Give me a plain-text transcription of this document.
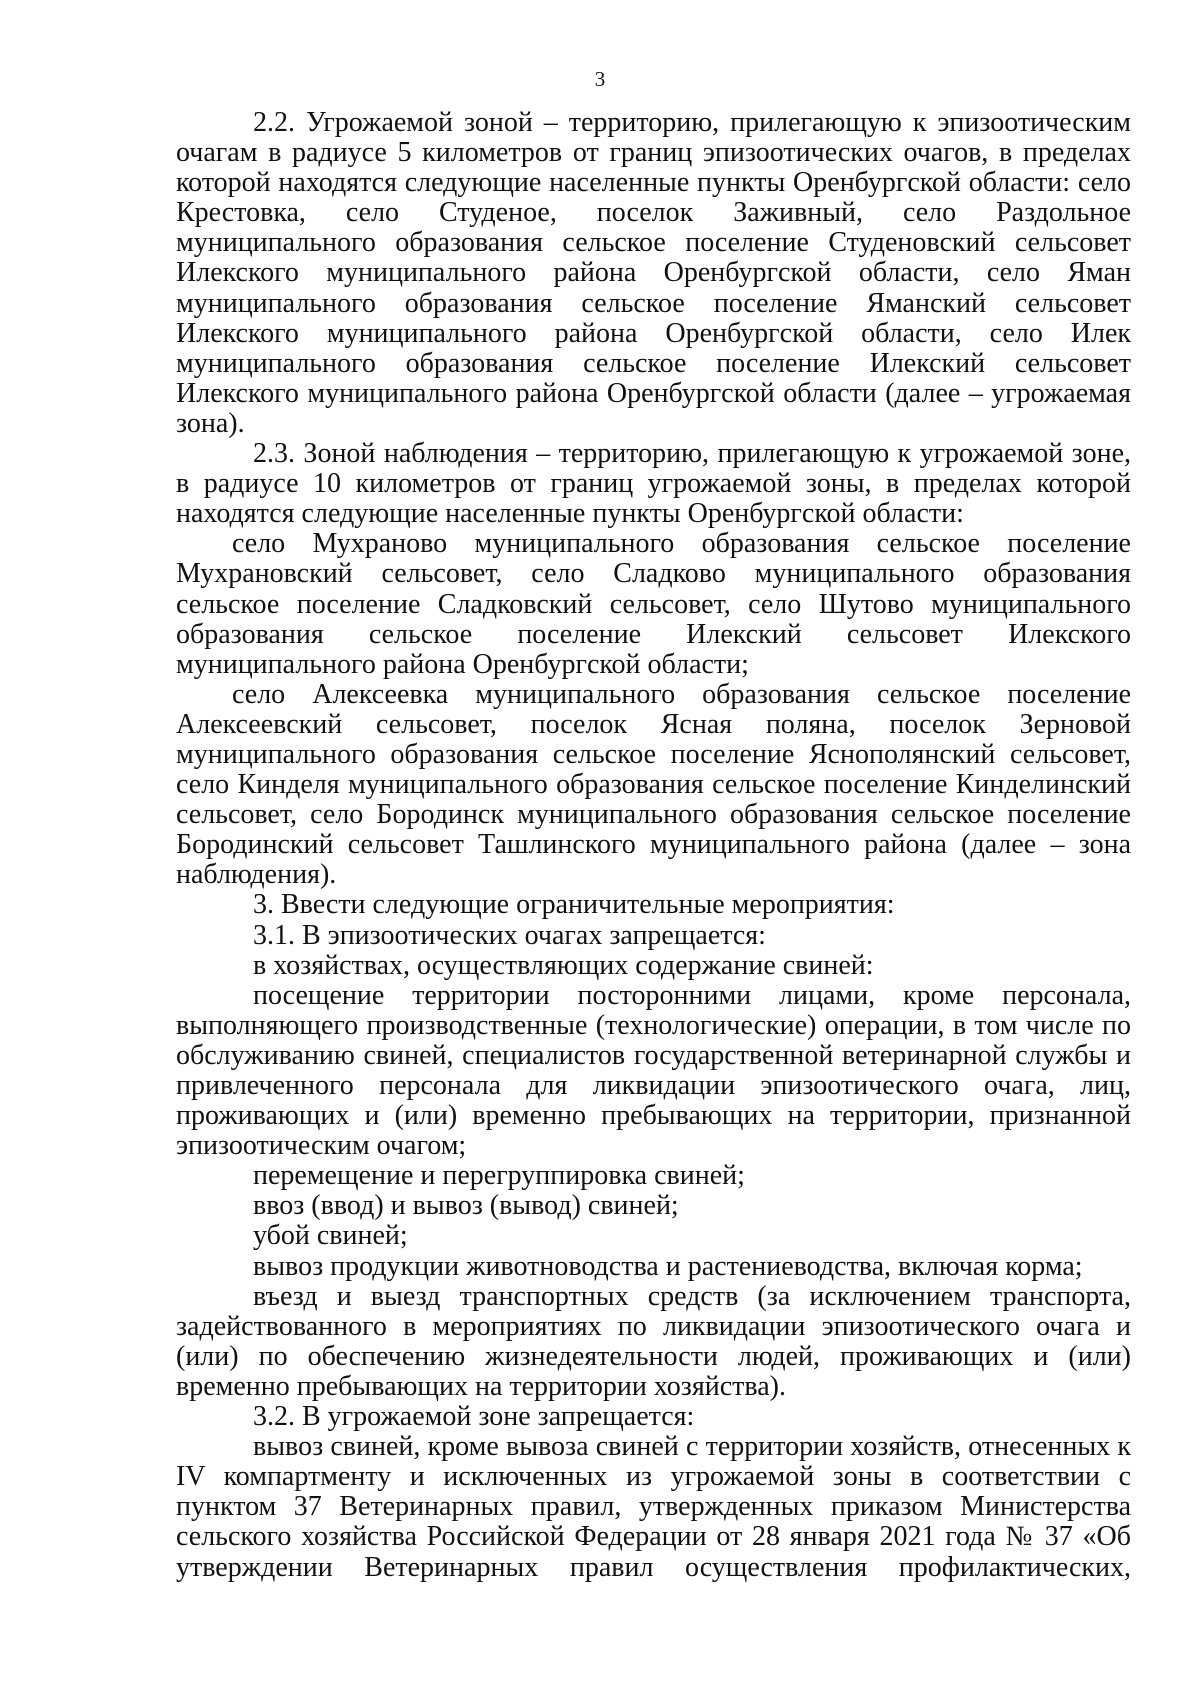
3

2.2. Угрожаемой зоной – территорию, прилегающую к эпизоотическим очагам в радиусе 5 километров от границ эпизоотических очагов, в пределах которой находятся следующие населенные пункты Оренбургской области: село Крестовка, село Студеное, поселок Заживный, село Раздольное муниципального образования сельское поселение Студеновский сельсовет Илекского муниципального района Оренбургской области, село Яман муниципального образования сельское поселение Яманский сельсовет Илекского муниципального района Оренбургской области, село Илек муниципального образования сельское поселение Илекский сельсовет Илекского муниципального района Оренбургской области (далее – угрожаемая зона).

2.3. Зоной наблюдения – территорию, прилегающую к угрожаемой зоне, в радиусе 10 километров от границ угрожаемой зоны, в пределах которой находятся следующие населенные пункты Оренбургской области:

село Мухраново муниципального образования сельское поселение Мухрановский сельсовет, село Сладково муниципального образования сельское поселение Сладковский сельсовет, село Шутово муниципального образования сельское поселение Илекский сельсовет Илекского муниципального района Оренбургской области;

село Алексеевка муниципального образования сельское поселение Алексеевский сельсовет, поселок Ясная поляна, поселок Зерновой муниципального образования сельское поселение Яснополянский сельсовет, село Кинделя муниципального образования сельское поселение Кинделинский сельсовет, село Бородинск муниципального образования сельское поселение Бородинский сельсовет Ташлинского муниципального района (далее – зона наблюдения).

3. Ввести следующие ограничительные мероприятия:

3.1. В эпизоотических очагах запрещается:

в хозяйствах, осуществляющих содержание свиней:

посещение территории посторонними лицами, кроме персонала, выполняющего производственные (технологические) операции, в том числе по обслуживанию свиней, специалистов государственной ветеринарной службы и привлеченного персонала для ликвидации эпизоотического очага, лиц, проживающих и (или) временно пребывающих на территории, признанной эпизоотическим очагом;

перемещение и перегруппировка свиней;

ввоз (ввод) и вывоз (вывод) свиней;

убой свиней;

вывоз продукции животноводства и растениеводства, включая корма;

въезд и выезд транспортных средств (за исключением транспорта, задействованного в мероприятиях по ликвидации эпизоотического очага и (или) по обеспечению жизнедеятельности людей, проживающих и (или) временно пребывающих на территории хозяйства).

3.2. В угрожаемой зоне запрещается:

вывоз свиней, кроме вывоза свиней с территории хозяйств, отнесенных к IV компартменту и исключенных из угрожаемой зоны в соответствии с пунктом 37 Ветеринарных правил, утвержденных приказом Министерства сельского хозяйства Российской Федерации от 28 января 2021 года № 37 «Об утверждении Ветеринарных правил осуществления профилактических,
